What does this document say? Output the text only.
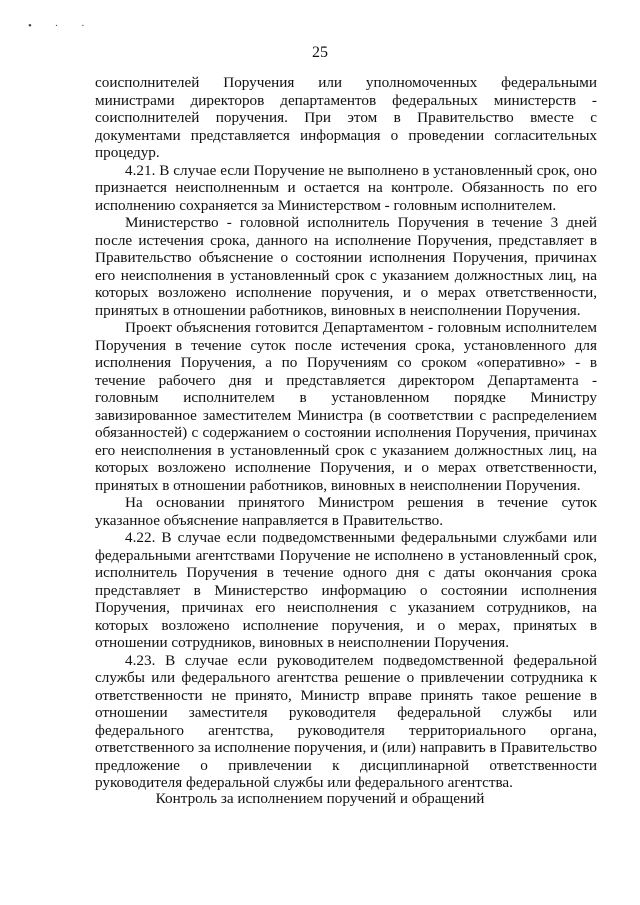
• · ·
25

соисполнителей Поручения или уполномоченных федеральными министрами директоров департаментов федеральных министерств - соисполнителей поручения. При этом в Правительство вместе с документами представляется информация о проведении согласительных процедур.

4.21. В случае если Поручение не выполнено в установленный срок, оно признается неисполненным и остается на контроле. Обязанность по его исполнению сохраняется за Министерством - головным исполнителем.

Министерство - головной исполнитель Поручения в течение 3 дней после истечения срока, данного на исполнение Поручения, представляет в Правительство объяснение о состоянии исполнения Поручения, причинах его неисполнения в установленный срок с указанием должностных лиц, на которых возложено исполнение поручения, и о мерах ответственности, принятых в отношении работников, виновных в неисполнении Поручения.

Проект объяснения готовится Департаментом - головным исполнителем Поручения в течение суток после истечения срока, установленного для исполнения Поручения, а по Поручениям со сроком «оперативно» - в течение рабочего дня и представляется директором Департамента - головным исполнителем в установленном порядке Министру завизированное заместителем Министра (в соответствии с распределением обязанностей) с содержанием о состоянии исполнения Поручения, причинах его неисполнения в установленный срок с указанием должностных лиц, на которых возложено исполнение Поручения, и о мерах ответственности, принятых в отношении работников, виновных в неисполнении Поручения.

На основании принятого Министром решения в течение суток указанное объяснение направляется в Правительство.

4.22. В случае если подведомственными федеральными службами или федеральными агентствами Поручение не исполнено в установленный срок, исполнитель Поручения в течение одного дня с даты окончания срока представляет в Министерство информацию о состоянии исполнения Поручения, причинах его неисполнения с указанием сотрудников, на которых возложено исполнение поручения, и о мерах, принятых в отношении сотрудников, виновных в неисполнении Поручения.

4.23. В случае если руководителем подведомственной федеральной службы или федерального агентства решение о привлечении сотрудника к ответственности не принято, Министр вправе принять такое решение в отношении заместителя руководителя федеральной службы или федерального агентства, руководителя территориального органа, ответственного за исполнение поручения, и (или) направить в Правительство предложение о привлечении к дисциплинарной ответственности руководителя федеральной службы или федерального агентства.

Контроль за исполнением поручений и обращений
